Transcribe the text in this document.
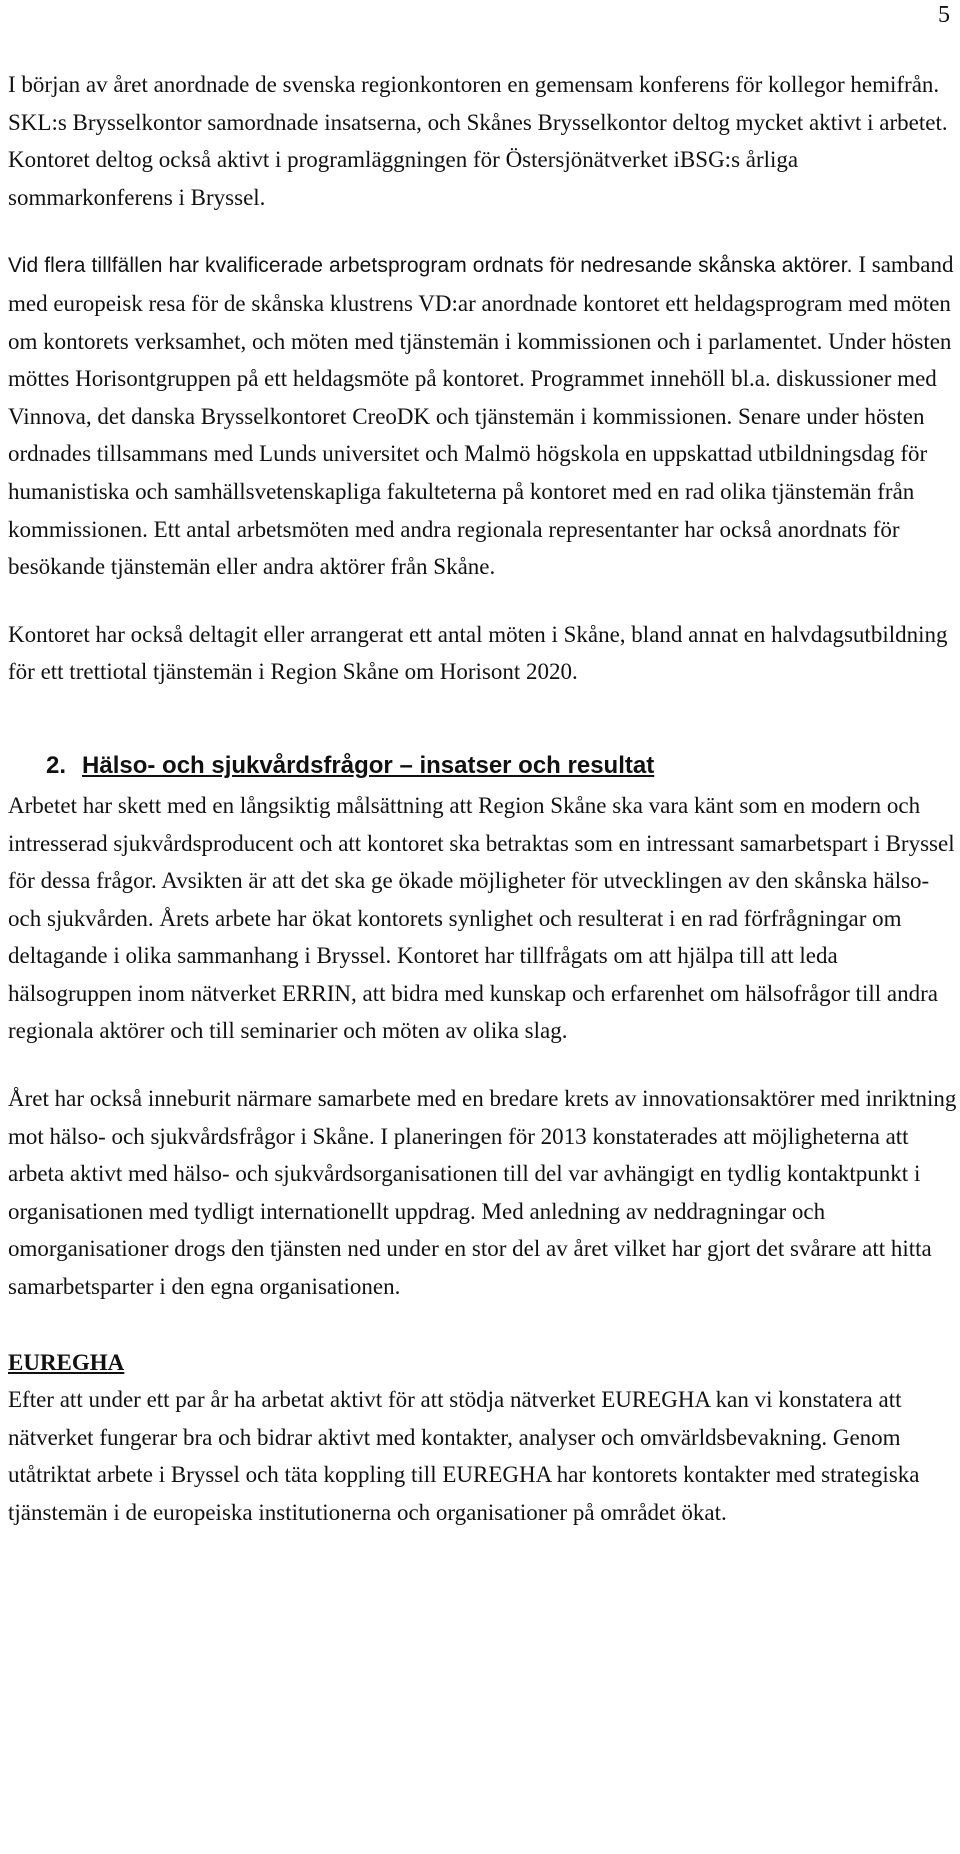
5

I början av året anordnade de svenska regionkontoren en gemensam konferens för kollegor hemifrån. SKL:s Brysselkontor samordnade insatserna, och Skånes Brysselkontor deltog mycket aktivt i arbetet. Kontoret deltog också aktivt i programläggningen för Östersjönätverket iBSG:s årliga sommarkonferens i Bryssel.

Vid flera tillfällen har kvalificerade arbetsprogram ordnats för nedresande skånska aktörer. I samband med europeisk resa för de skånska klustrens VD:ar anordnade kontoret ett heldagsprogram med möten om kontorets verksamhet, och möten med tjänstemän i kommissionen och i parlamentet. Under hösten möttes Horisontgruppen på ett heldagsmöte på kontoret. Programmet innehöll bl.a. diskussioner med Vinnova, det danska Brysselkontoret CreoDK och tjänstemän i kommissionen. Senare under hösten ordnades tillsammans med Lunds universitet och Malmö högskola en uppskattad utbildningsdag för humanistiska och samhällsvetenskapliga fakulteterna på kontoret med en rad olika tjänstemän från kommissionen. Ett antal arbetsmöten med andra regionala representanter har också anordnats för besökande tjänstemän eller andra aktörer från Skåne.

Kontoret har också deltagit eller arrangerat ett antal möten i Skåne, bland annat en halvdagsutbildning för ett trettiotal tjänstemän i Region Skåne om Horisont 2020.

2. Hälso- och sjukvårdsfrågor – insatser och resultat

Arbetet har skett med en långsiktig målsättning att Region Skåne ska vara känt som en modern och intresserad sjukvårdsproducent och att kontoret ska betraktas som en intressant samarbetspart i Bryssel för dessa frågor. Avsikten är att det ska ge ökade möjligheter för utvecklingen av den skånska hälso- och sjukvården. Årets arbete har ökat kontorets synlighet och resulterat i en rad förfrågningar om deltagande i olika sammanhang i Bryssel. Kontoret har tillfrågats om att hjälpa till att leda hälsogruppen inom nätverket ERRIN, att bidra med kunskap och erfarenhet om hälsofrågor till andra regionala aktörer och till seminarier och möten av olika slag.

Året har också inneburit närmare samarbete med en bredare krets av innovationsaktörer med inriktning mot hälso- och sjukvårdsfrågor i Skåne. I planeringen för 2013 konstaterades att möjligheterna att arbeta aktivt med hälso- och sjukvårdsorganisationen till del var avhängigt en tydlig kontaktpunkt i organisationen med tydligt internationellt uppdrag. Med anledning av neddragningar och omorganisationer drogs den tjänsten ned under en stor del av året vilket har gjort det svårare att hitta samarbetsparter i den egna organisationen.

EUREGHA

Efter att under ett par år ha arbetat aktivt för att stödja nätverket EUREGHA kan vi konstatera att nätverket fungerar bra och bidrar aktivt med kontakter, analyser och omvärldsbevakning. Genom utåtriktat arbete i Bryssel och täta koppling till EUREGHA har kontorets kontakter med strategiska tjänstemän i de europeiska institutionerna och organisationer på området ökat.
